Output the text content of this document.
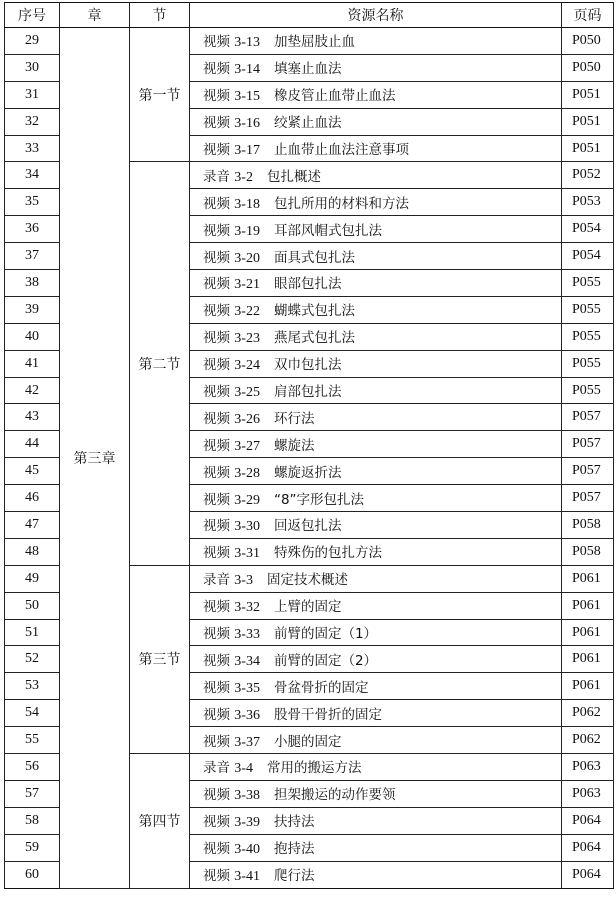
序号	章	节	资源名称	页码
29	第三章	第一节	视频 3-13 加垫屈肢止血	P050
30			视频 3-14 填塞止血法	P050
31			视频 3-15 橡皮管止血带止血法	P051
32			视频 3-16 绞紧止血法	P051
33			视频 3-17 止血带止血法注意事项	P051
34		第二节	录音 3-2 包扎概述	P052
35			视频 3-18 包扎所用的材料和方法	P053
36			视频 3-19 耳部风帽式包扎法	P054
37			视频 3-20 面具式包扎法	P054
38			视频 3-21 眼部包扎法	P055
39			视频 3-22 蝴蝶式包扎法	P055
40			视频 3-23 燕尾式包扎法	P055
41			视频 3-24 双巾包扎法	P055
42			视频 3-25 肩部包扎法	P055
43			视频 3-26 环行法	P057
44			视频 3-27 螺旋法	P057
45			视频 3-28 螺旋返折法	P057
46			视频 3-29 “8”字形包扎法	P057
47			视频 3-30 回返包扎法	P058
48			视频 3-31 特殊伤的包扎方法	P058
49		第三节	录音 3-3 固定技术概述	P061
50			视频 3-32 上臂的固定	P061
51			视频 3-33 前臂的固定（1）	P061
52			视频 3-34 前臂的固定（2）	P061
53			视频 3-35 骨盆骨折的固定	P061
54			视频 3-36 股骨干骨折的固定	P062
55			视频 3-37 小腿的固定	P062
56		第四节	录音 3-4 常用的搬运方法	P063
57			视频 3-38 担架搬运的动作要领	P063
58			视频 3-39 扶持法	P064
59			视频 3-40 抱持法	P064
60			视频 3-41 爬行法	P064
